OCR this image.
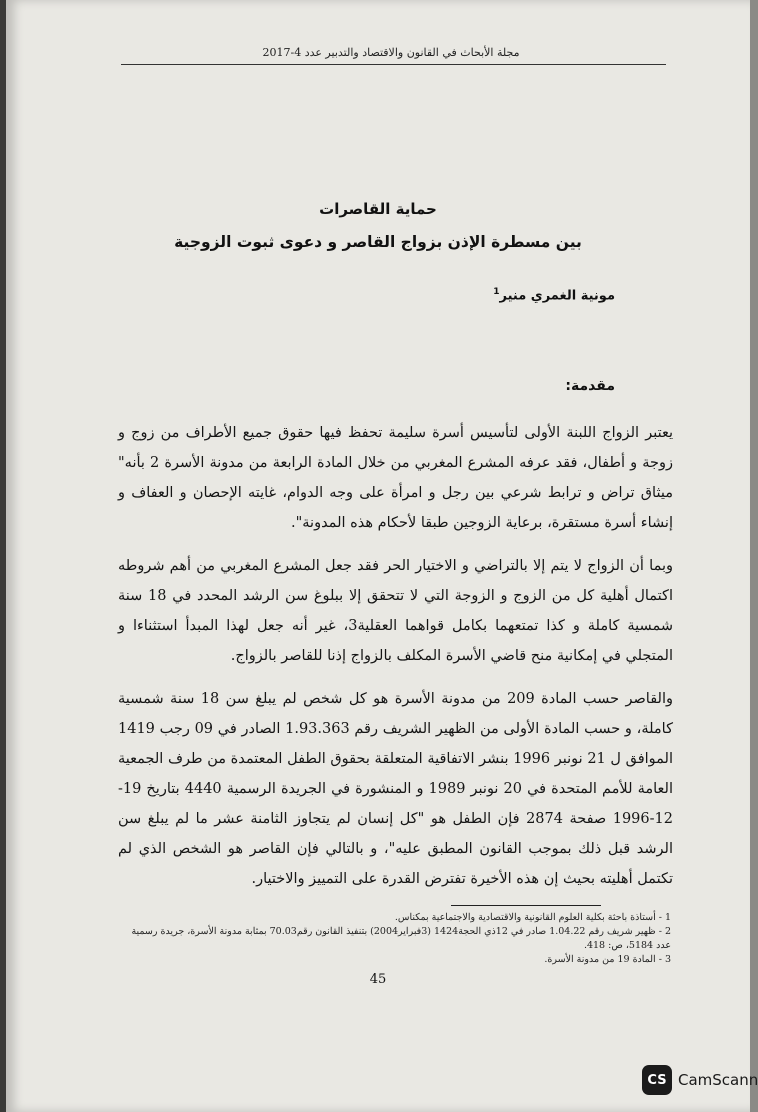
مجلة الأبحاث في القانون والاقتصاد والتدبير عدد 4-2017
حماية القاصرات
بين مسطرة الإذن بزواج القاصر و دعوى ثبوت الزوجية
مونية الغمري منير$^1$
مقدمة:

يعتبر الزواج اللبنة الأولى لتأسيس أسرة سليمة تحفظ فيها حقوق جميع الأطراف من زوج و زوجة و أطفال، فقد عرفه المشرع المغربي من خلال المادة الرابعة من مدونة الأسرة 2 بأنه" ميثاق تراض و ترابط شرعي بين رجل و امرأة على وجه الدوام، غايته الإحصان و العفاف و إنشاء أسرة مستقرة، برعاية الزوجين طبقا لأحكام هذه المدونة".

وبما أن الزواج لا يتم إلا بالتراضي و الاختيار الحر فقد جعل المشرع المغربي من أهم شروطه اكتمال أهلية كل من الزوج و الزوجة التي لا تتحقق إلا ببلوغ سن الرشد المحدد في 18 سنة شمسية كاملة و كذا تمتعهما بكامل قواهما العقلية3، غير أنه جعل لهذا المبدأ استثناءا و المتجلي في إمكانية منح قاضي الأسرة المكلف بالزواج إذنا للقاصر بالزواج.

والقاصر حسب المادة 209 من مدونة الأسرة هو كل شخص لم يبلغ سن 18 سنة شمسية كاملة، و حسب المادة الأولى من الظهير الشريف رقم 1.93.363 الصادر في 09 رجب 1419 الموافق ل 21 نونبر 1996 بنشر الاتفاقية المتعلقة بحقوق الطفل المعتمدة من طرف الجمعية العامة للأمم المتحدة في 20 نونبر 1989 و المنشورة في الجريدة الرسمية 4440 بتاريخ 19-12-1996 صفحة 2874 فإن الطفل هو "كل إنسان لم يتجاوز الثامنة عشر ما لم يبلغ سن الرشد قبل ذلك بموجب القانون المطبق عليه"، و بالتالي فإن القاصر هو الشخص الذي لم تكتمل أهليته بحيث إن هذه الأخيرة تفترض القدرة على التمييز والاختيار.

1 - أستاذة باحثة بكلية العلوم القانونية والاقتصادية والاجتماعية بمكناس.
2 - ظهير شريف رقم 1.04.22 صادر في 12ذي الحجة1424 (3فبراير2004) بتنفيذ القانون رقم70.03 بمثابة مدونة الأسرة، جريدة رسمية عدد 5184، ص: 418.
3 - المادة 19 من مدونة الأسرة.
45
CS CamScann
